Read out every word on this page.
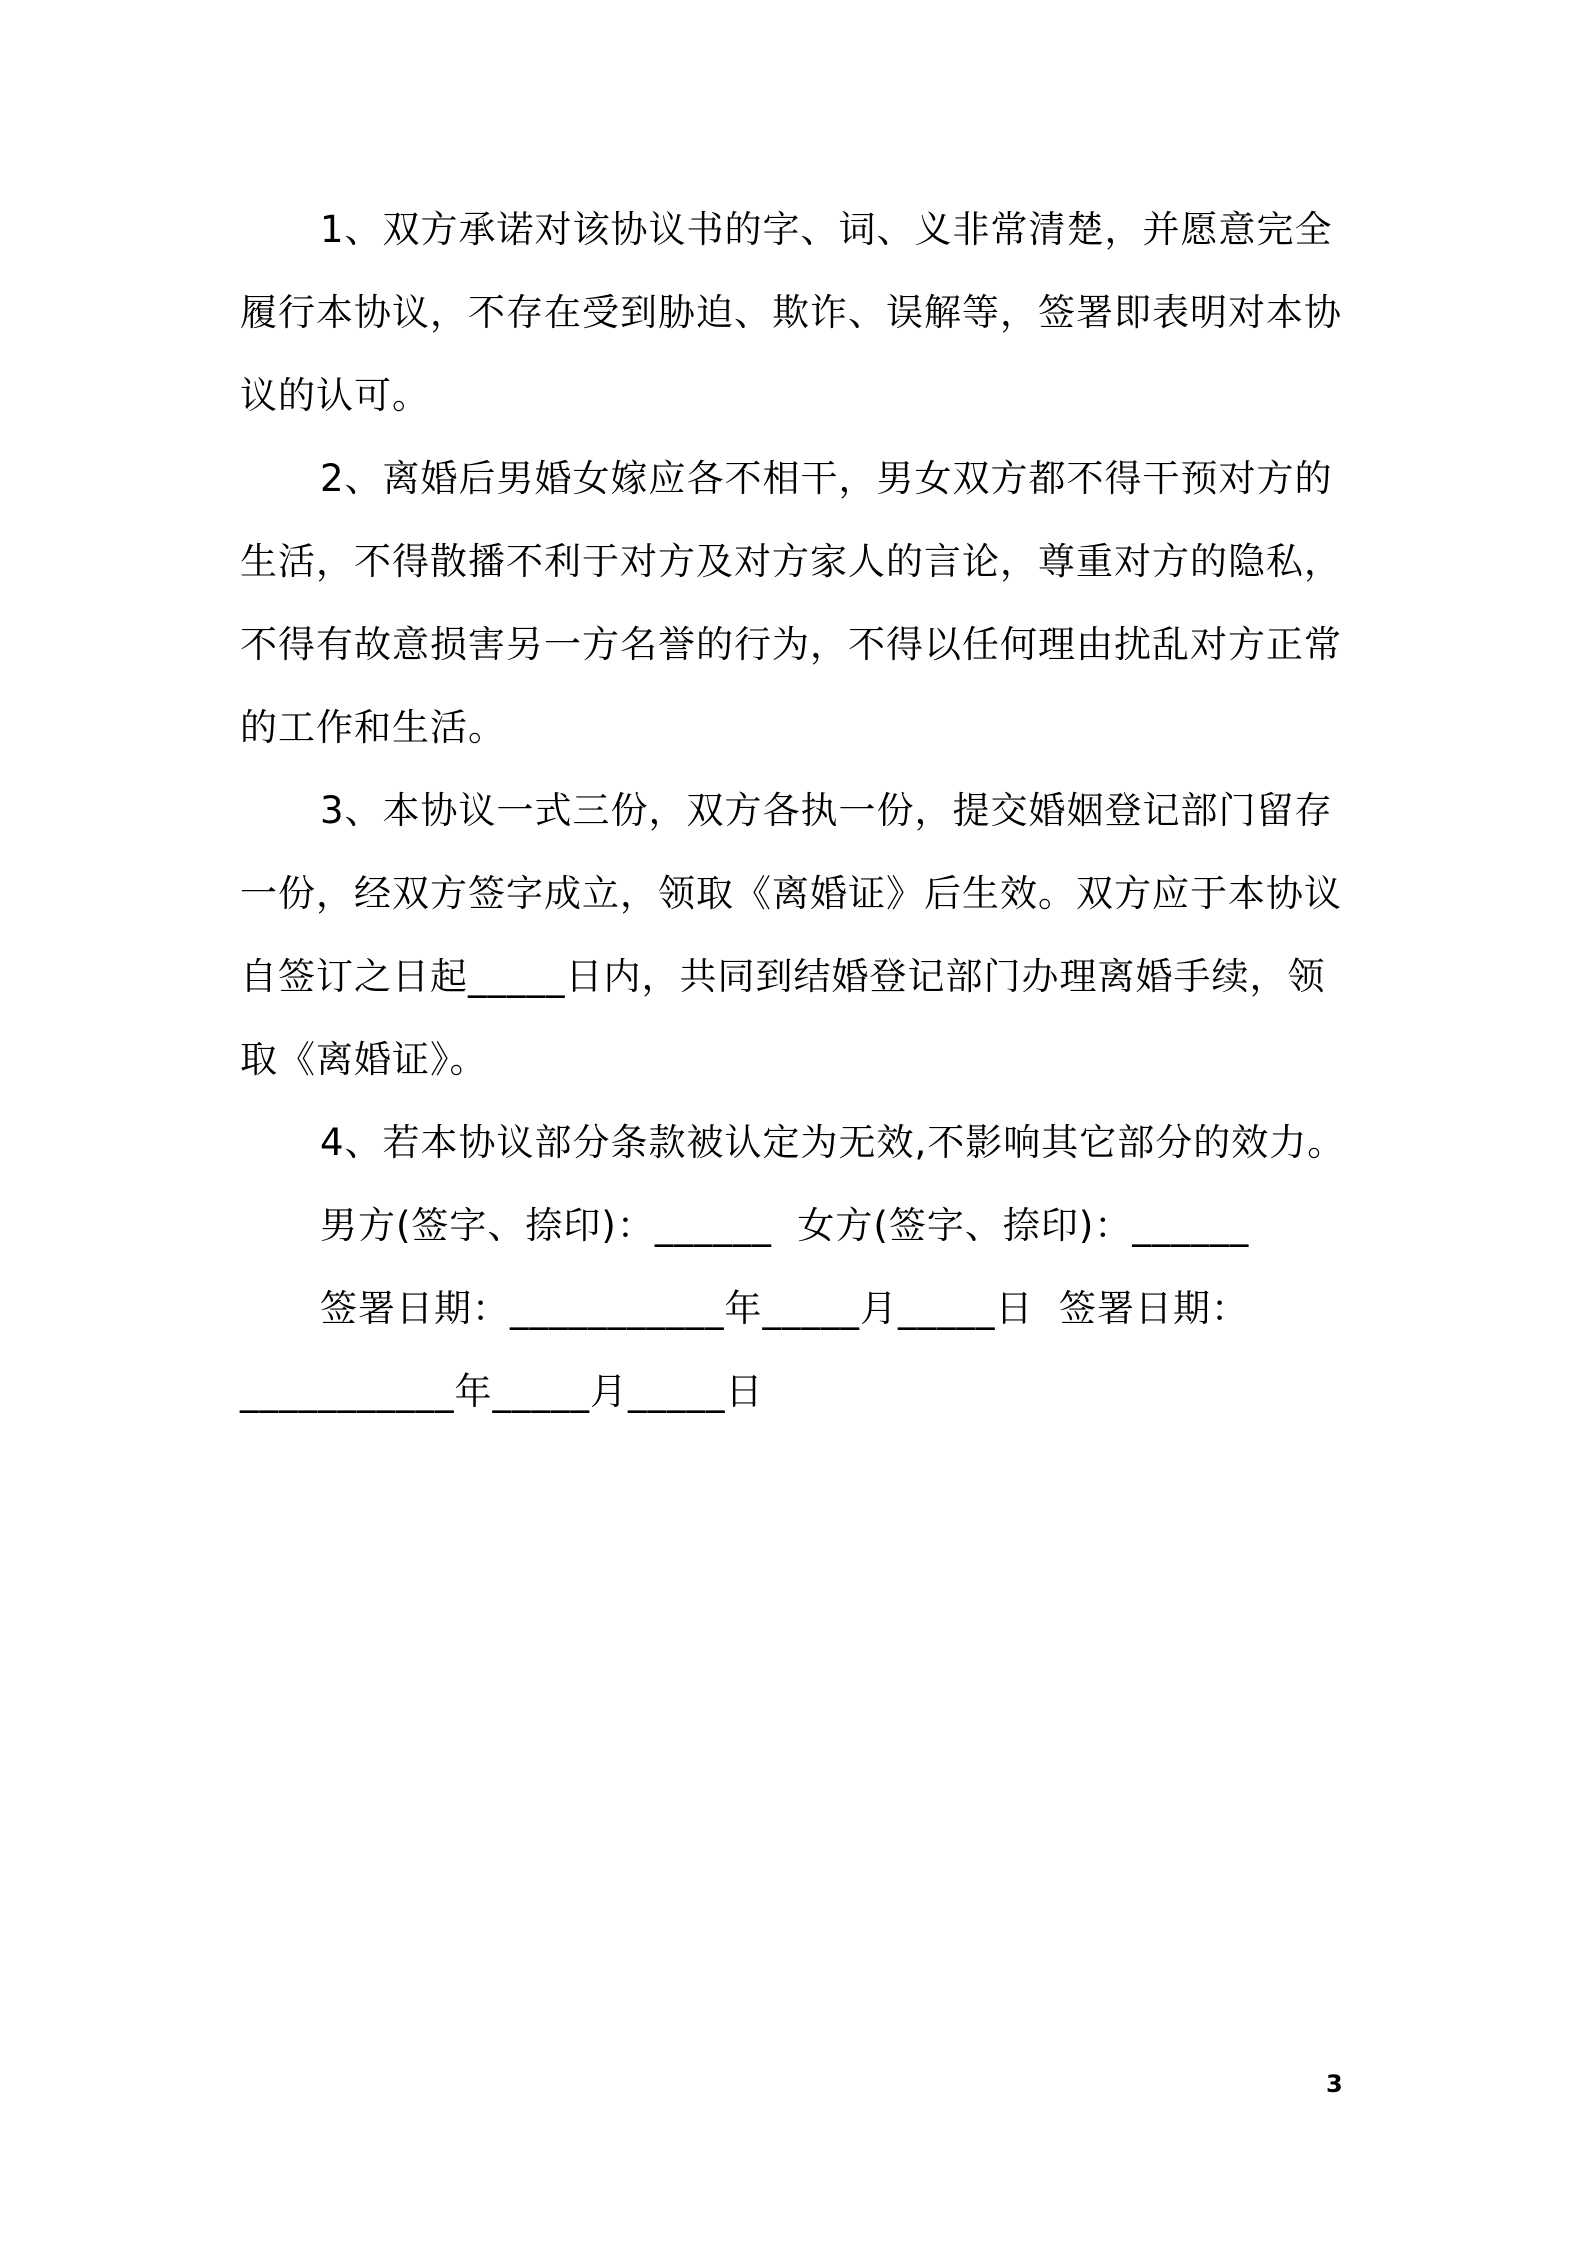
1、双方承诺对该协议书的字、词、义非常清楚，并愿意完全履行本协议，不存在受到胁迫、欺诈、误解等，签署即表明对本协议的认可。

2、离婚后男婚女嫁应各不相干，男女双方都不得干预对方的生活，不得散播不利于对方及对方家人的言论，尊重对方的隐私，不得有故意损害另一方名誉的行为，不得以任何理由扰乱对方正常的工作和生活。

3、本协议一式三份，双方各执一份，提交婚姻登记部门留存一份，经双方签字成立，领取《离婚证》后生效。双方应于本协议自签订之日起_____日内，共同到结婚登记部门办理离婚手续，领取《离婚证》。

4、若本协议部分条款被认定为无效,不影响其它部分的效力。

男方(签字、捺印)：______  女方(签字、捺印)：______

签署日期：___________年_____月_____日  签署日期：

___________年_____月_____日

3
